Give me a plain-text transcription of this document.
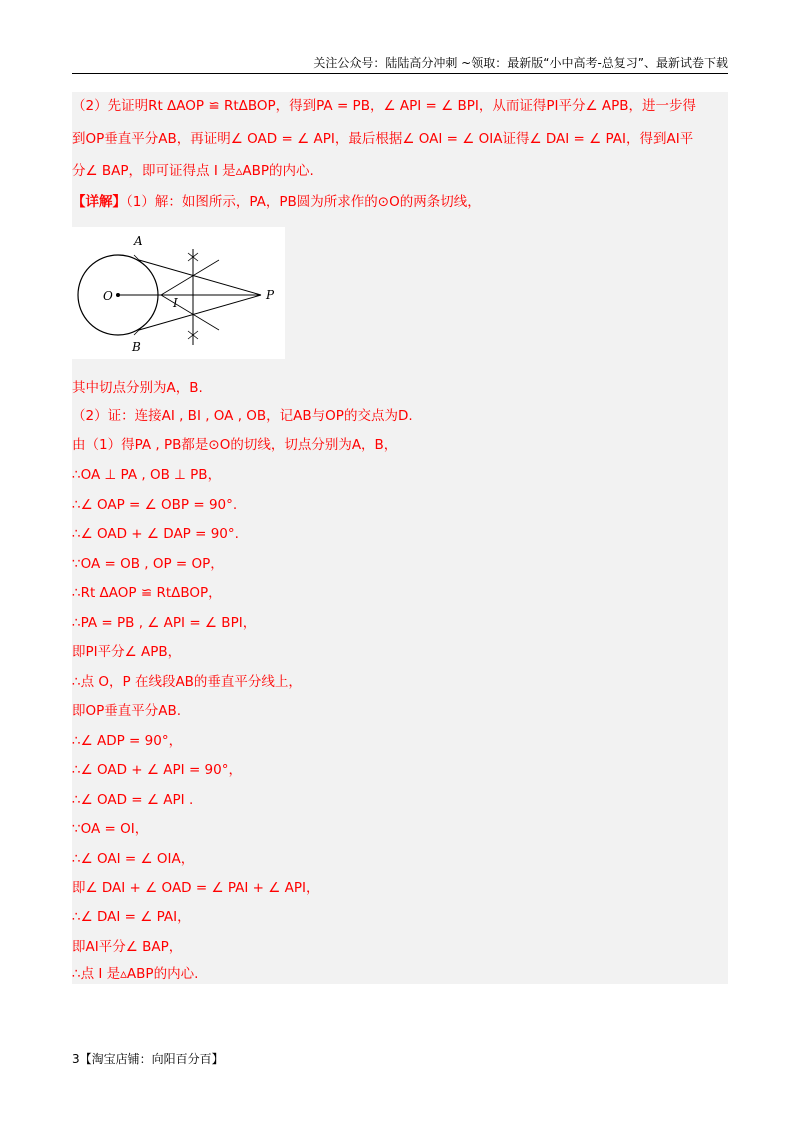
关注公众号：陆陆高分冲刺 ~领取：最新版“小中高考-总复习”、最新试卷下载
（2）先证明Rt ΔAOP ≌ RtΔBOP，得到PA = PB，∠ API = ∠ BPI，从而证得PI平分∠ APB，进一步得
到OP垂直平分AB，再证明∠ OAD = ∠ API，最后根据∠ OAI = ∠ OIA证得∠ DAI = ∠ PAI，得到AI平
分∠ BAP，即可证得点 I 是▵ABP的内心.
【详解】（1）解：如图所示，PA，PB圆为所求作的⊙O的两条切线，
A
B
O	I
P
其中切点分别为A，B.
（2）证：连接AI , BI , OA , OB，记AB与OP的交点为D.
由（1）得PA , PB都是⊙O的切线，切点分别为A，B，
∴OA ⊥ PA , OB ⊥ PB，
∴∠ OAP = ∠ OBP = 90°.
∴∠ OAD + ∠ DAP = 90°.
∵OA = OB , OP = OP，
∴Rt ΔAOP ≌ RtΔBOP，
∴PA = PB , ∠ API = ∠ BPI，
即PI平分∠ APB，
∴点 O，P 在线段AB的垂直平分线上，
即OP垂直平分AB.
∴∠ ADP = 90°，
∴∠ OAD + ∠ API = 90°，
∴∠ OAD = ∠ API .
∵OA = OI，
∴∠ OAI = ∠ OIA，
即∠ DAI + ∠ OAD = ∠ PAI + ∠ API，
∴∠ DAI = ∠ PAI，
即AI平分∠ BAP，
∴点 I 是▵ABP的内心.
3【淘宝店铺：向阳百分百】
